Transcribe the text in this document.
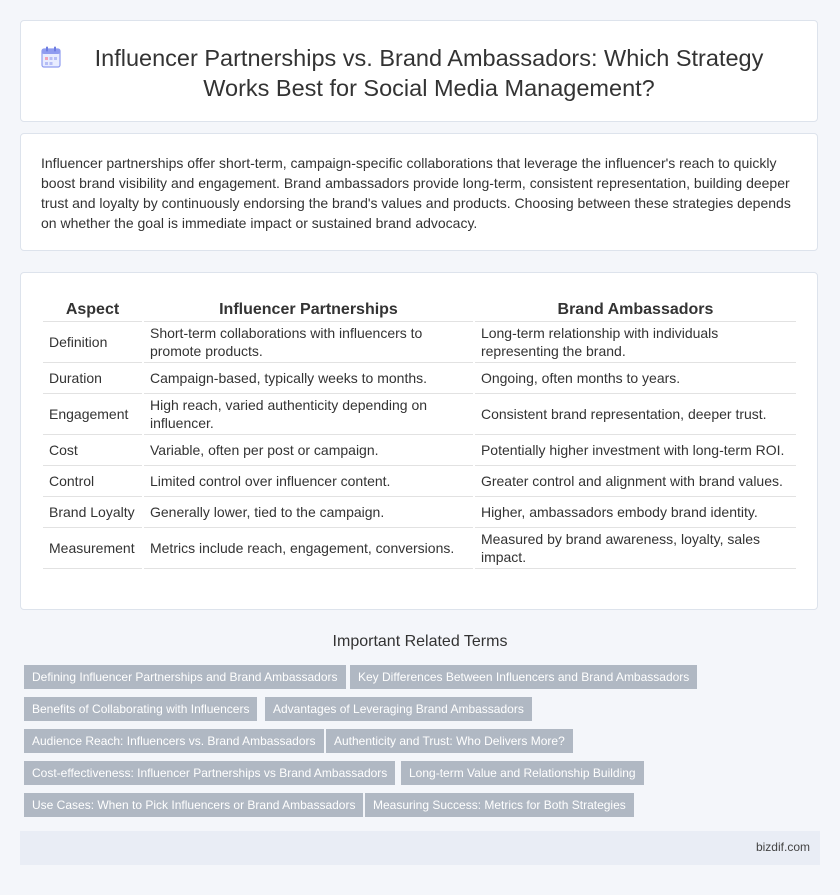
Influencer Partnerships vs. Brand Ambassadors: Which Strategy Works Best for Social Media Management?

Influencer partnerships offer short-term, campaign-specific collaborations that leverage the influencer's reach to quickly boost brand visibility and engagement. Brand ambassadors provide long-term, consistent representation, building deeper trust and loyalty by continuously endorsing the brand's values and products. Choosing between these strategies depends on whether the goal is immediate impact or sustained brand advocacy.

Aspect	Influencer Partnerships	Brand Ambassadors
Definition	Short-term collaborations with influencers to promote products.	Long-term relationship with individuals representing the brand.
Duration	Campaign-based, typically weeks to months.	Ongoing, often months to years.
Engagement	High reach, varied authenticity depending on influencer.	Consistent brand representation, deeper trust.
Cost	Variable, often per post or campaign.	Potentially higher investment with long-term ROI.
Control	Limited control over influencer content.	Greater control and alignment with brand values.
Brand Loyalty	Generally lower, tied to the campaign.	Higher, ambassadors embody brand identity.
Measurement	Metrics include reach, engagement, conversions.	Measured by brand awareness, loyalty, sales impact.
Important Related Terms
Defining Influencer Partnerships and Brand Ambassadors	Key Differences Between Influencers and Brand Ambassadors
Benefits of Collaborating with Influencers	Advantages of Leveraging Brand Ambassadors
Audience Reach: Influencers vs. Brand Ambassadors	Authenticity and Trust: Who Delivers More?
Cost-effectiveness: Influencer Partnerships vs Brand Ambassadors	Long-term Value and Relationship Building
Use Cases: When to Pick Influencers or Brand Ambassadors	Measuring Success: Metrics for Both Strategies
bizdif.com
